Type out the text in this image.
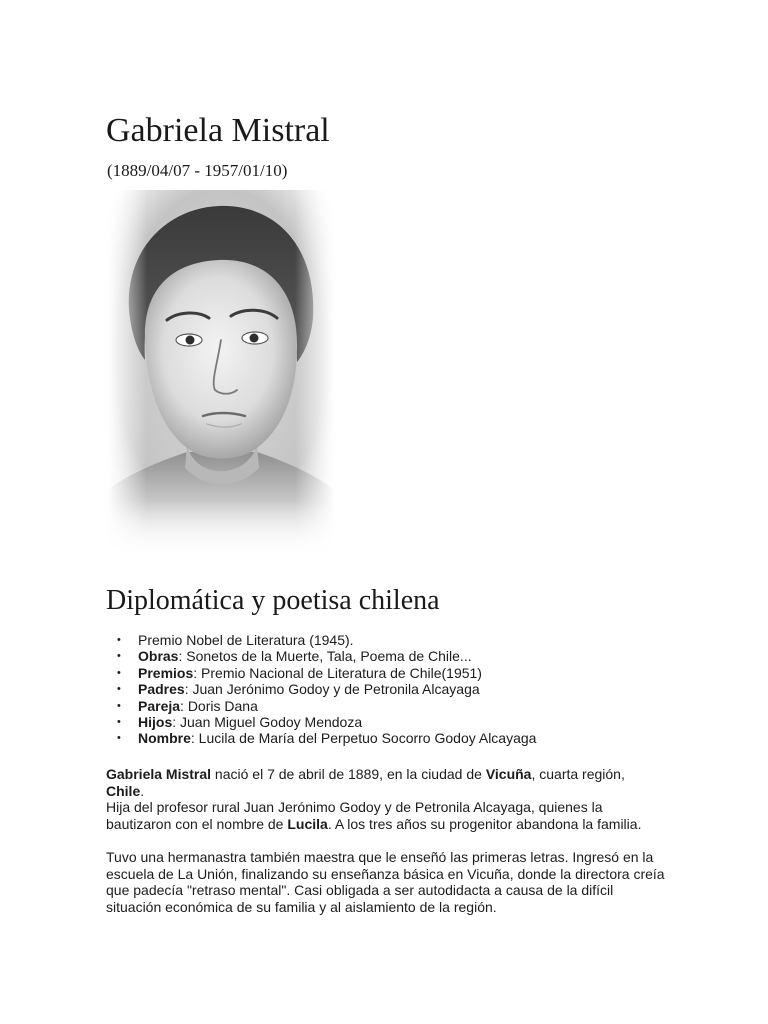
Gabriela Mistral

(1889/04/07 - 1957/01/10)

Diplomática y poetisa chilena
• Premio Nobel de Literatura (1945).
• Obras: Sonetos de la Muerte, Tala, Poema de Chile...
• Premios: Premio Nacional de Literatura de Chile(1951)
• Padres: Juan Jerónimo Godoy y de Petronila Alcayaga
• Pareja: Doris Dana
• Hijos: Juan Miguel Godoy Mendoza
• Nombre: Lucila de María del Perpetuo Socorro Godoy Alcayaga

Gabriela Mistral nació el 7 de abril de 1889, en la ciudad de Vicuña, cuarta región, Chile.

Hija del profesor rural Juan Jerónimo Godoy y de Petronila Alcayaga, quienes la bautizaron con el nombre de Lucila. A los tres años su progenitor abandona la familia.

Tuvo una hermanastra también maestra que le enseñó las primeras letras. Ingresó en la escuela de La Unión, finalizando su enseñanza básica en Vicuña, donde la directora creía que padecía "retraso mental". Casi obligada a ser autodidacta a causa de la difícil situación económica de su familia y al aislamiento de la región.
